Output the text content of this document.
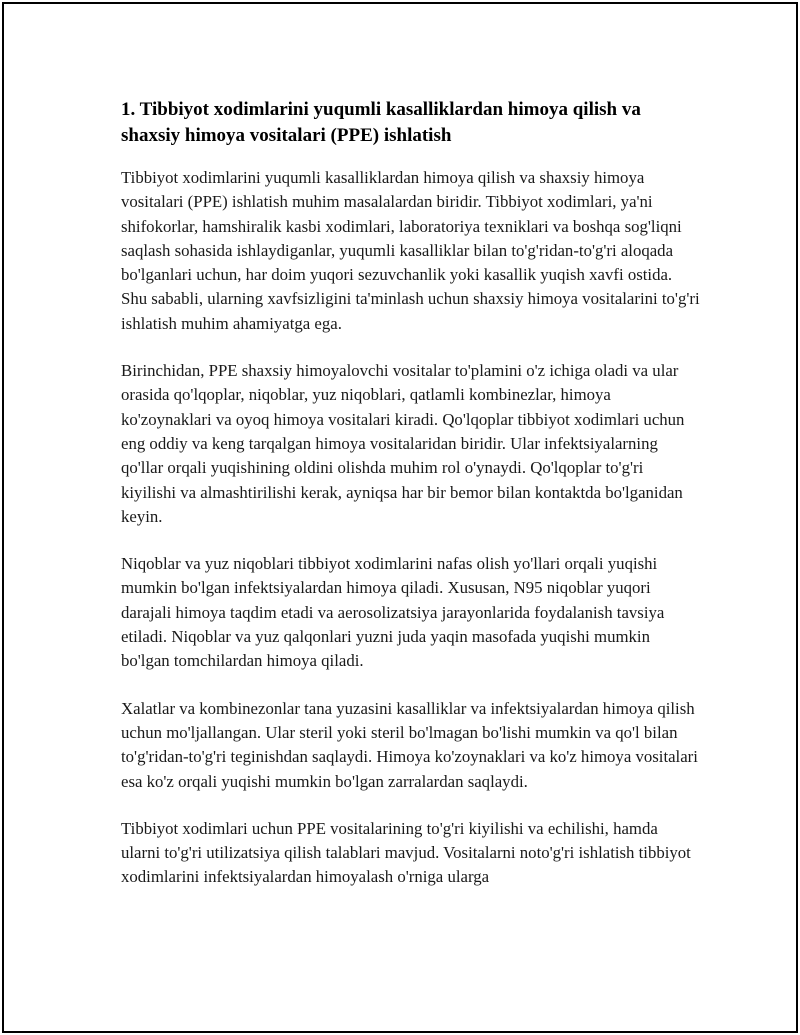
1. Tibbiyot xodimlarini yuqumli kasalliklardan himoya qilish va shaxsiy himoya vositalari (PPE) ishlatish

Tibbiyot xodimlarini yuqumli kasalliklardan himoya qilish va shaxsiy himoya vositalari (PPE) ishlatish muhim masalalardan biridir. Tibbiyot xodimlari, ya'ni shifokorlar, hamshiralik kasbi xodimlari, laboratoriya texniklari va boshqa sog'liqni saqlash sohasida ishlaydiganlar, yuqumli kasalliklar bilan to'g'ridan-to'g'ri aloqada bo'lganlari uchun, har doim yuqori sezuvchanlik yoki kasallik yuqish xavfi ostida. Shu sababli, ularning xavfsizligini ta'minlash uchun shaxsiy himoya vositalarini to'g'ri ishlatish muhim ahamiyatga ega.

Birinchidan, PPE shaxsiy himoyalovchi vositalar to'plamini o'z ichiga oladi va ular orasida qo'lqoplar, niqoblar, yuz niqoblari, qatlamli kombinezlar, himoya ko'zoynaklari va oyoq himoya vositalari kiradi. Qo'lqoplar tibbiyot xodimlari uchun eng oddiy va keng tarqalgan himoya vositalaridan biridir. Ular infektsiyalarning qo'llar orqali yuqishining oldini olishda muhim rol o'ynaydi. Qo'lqoplar to'g'ri kiyilishi va almashtirilishi kerak, ayniqsa har bir bemor bilan kontaktda bo'lganidan keyin.

Niqoblar va yuz niqoblari tibbiyot xodimlarini nafas olish yo'llari orqali yuqishi mumkin bo'lgan infektsiyalardan himoya qiladi. Xususan, N95 niqoblar yuqori darajali himoya taqdim etadi va aerosolizatsiya jarayonlarida foydalanish tavsiya etiladi. Niqoblar va yuz qalqonlari yuzni juda yaqin masofada yuqishi mumkin bo'lgan tomchilardan himoya qiladi.

Xalatlar va kombinezonlar tana yuzasini kasalliklar va infektsiyalardan himoya qilish uchun mo'ljallangan. Ular steril yoki steril bo'lmagan bo'lishi mumkin va qo'l bilan to'g'ridan-to'g'ri teginishdan saqlaydi. Himoya ko'zoynaklari va ko'z himoya vositalari esa ko'z orqali yuqishi mumkin bo'lgan zarralardan saqlaydi.

Tibbiyot xodimlari uchun PPE vositalarining to'g'ri kiyilishi va echilishi, hamda ularni to'g'ri utilizatsiya qilish talablari mavjud. Vositalarni noto'g'ri ishlatish tibbiyot xodimlarini infektsiyalardan himoyalash o'rniga ularga
